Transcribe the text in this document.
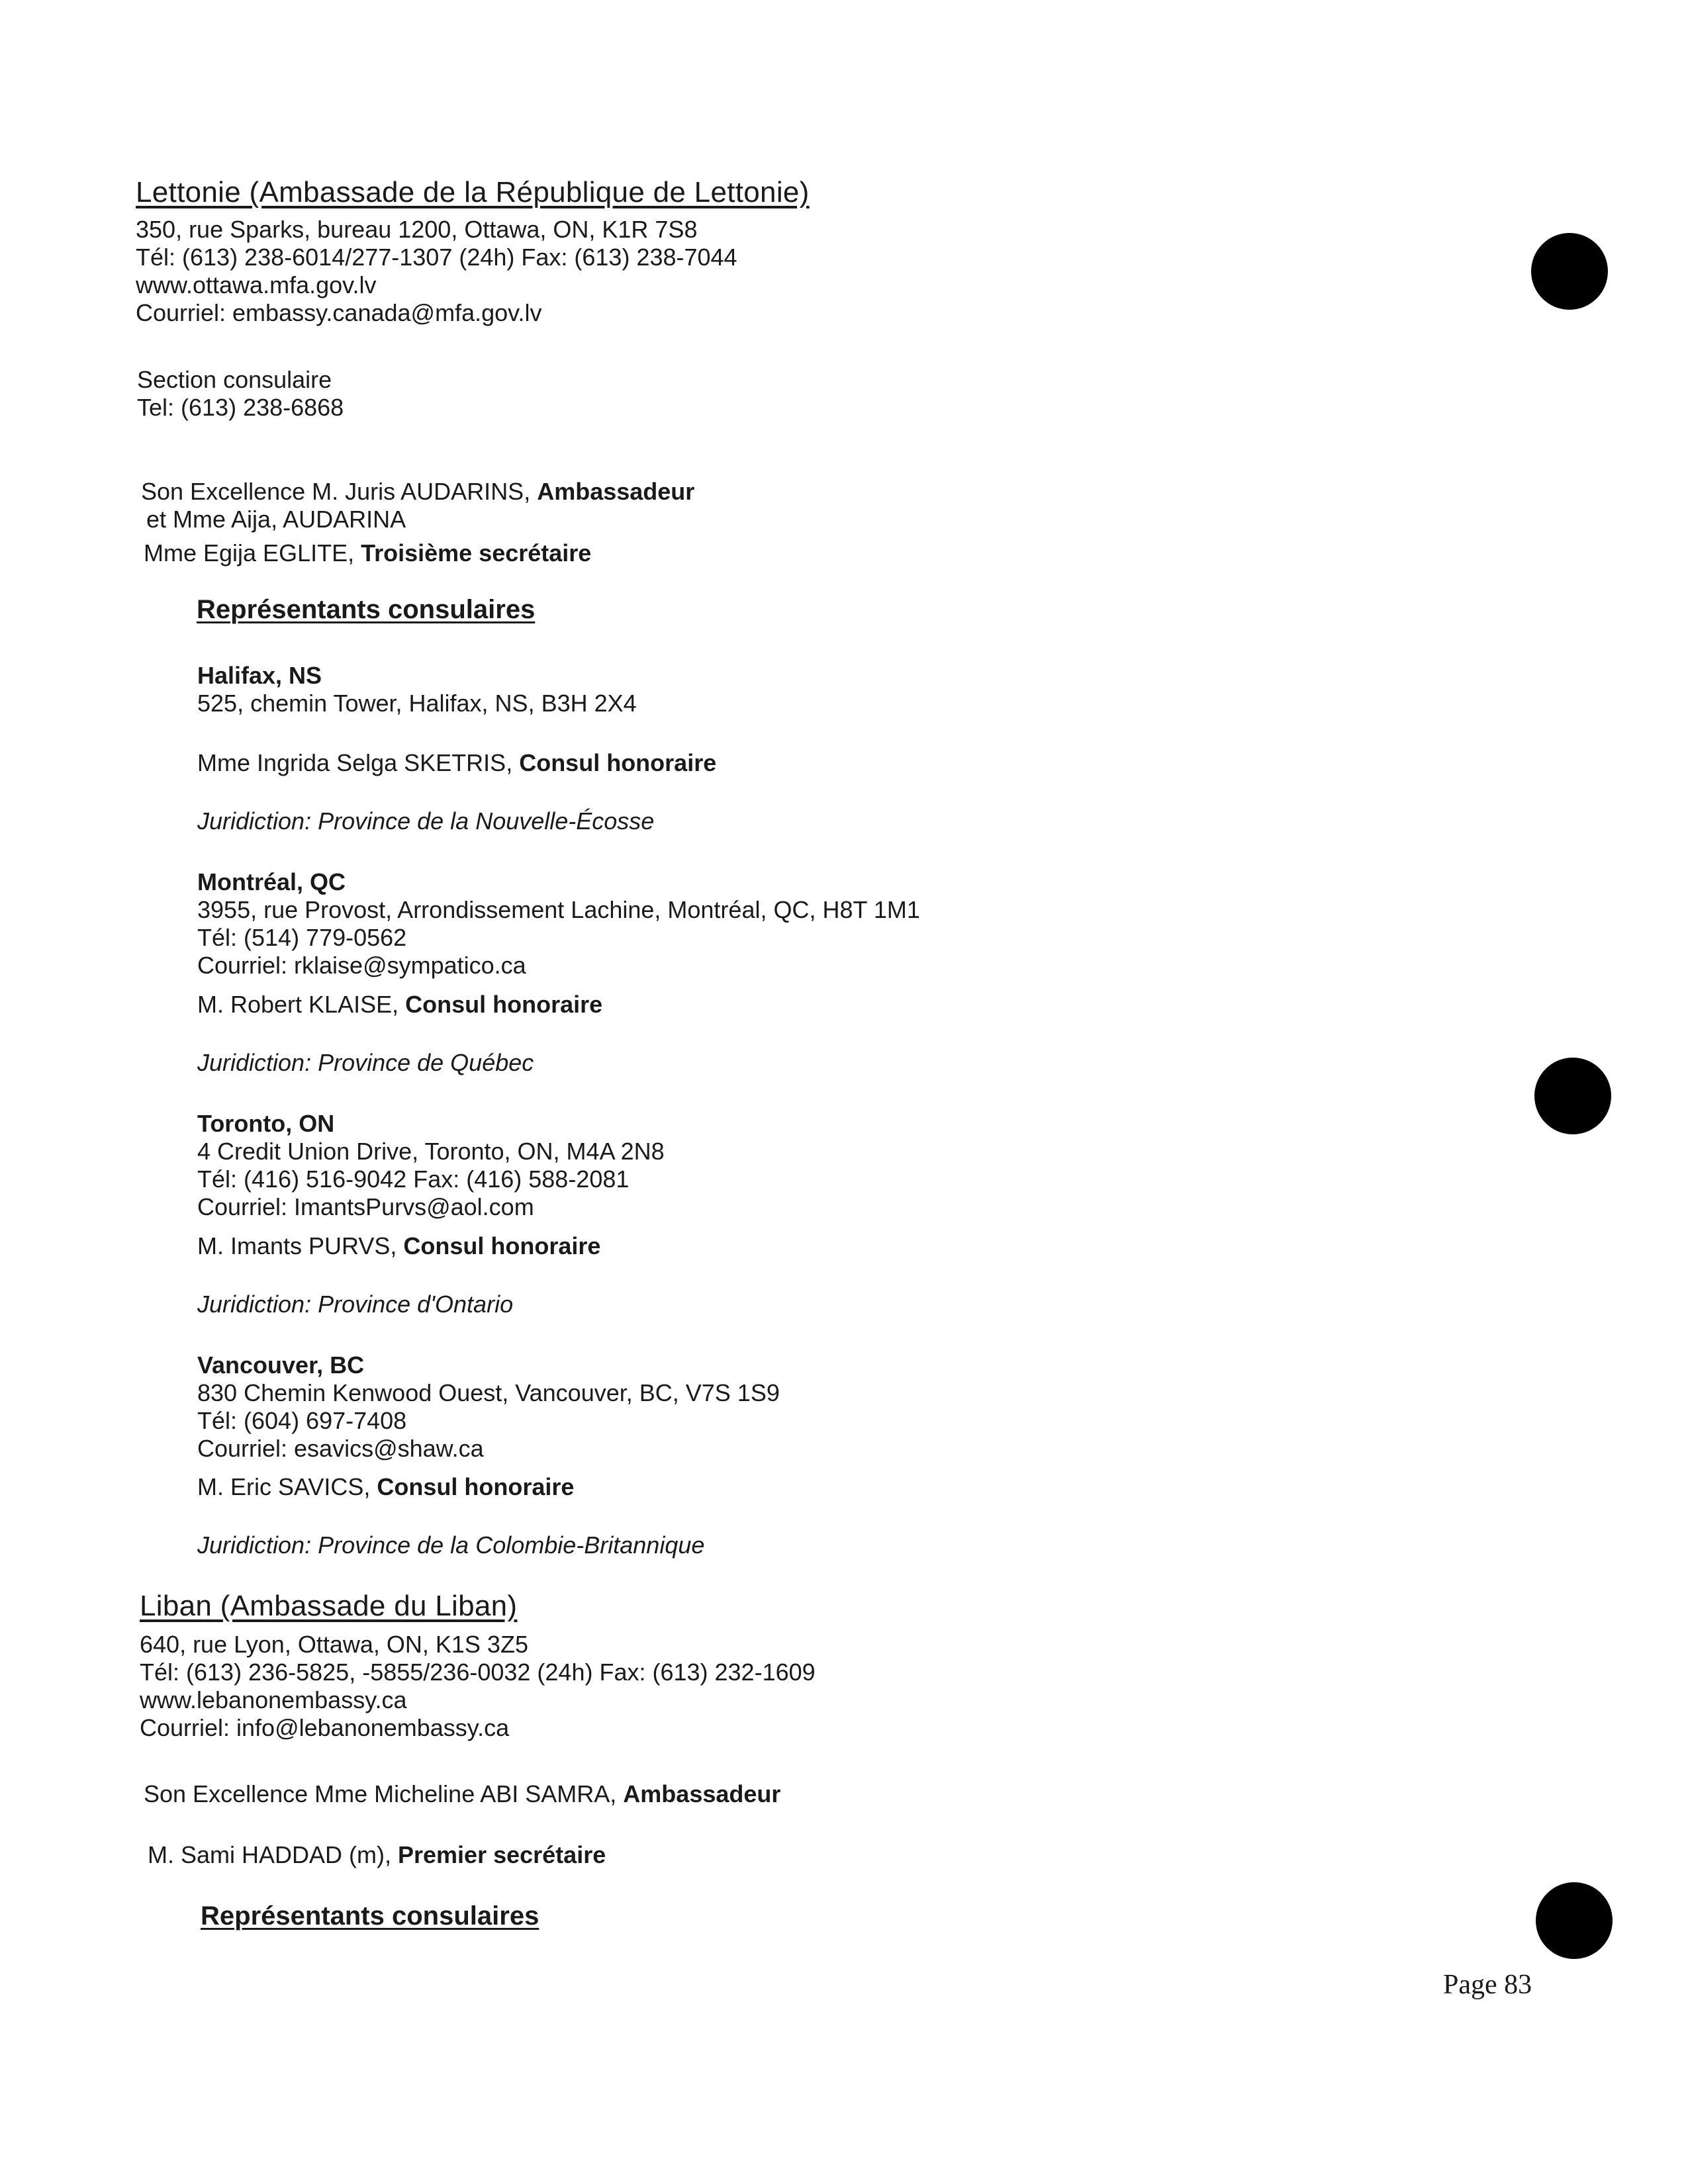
Lettonie (Ambassade de la République de Lettonie)
350, rue Sparks, bureau 1200, Ottawa, ON, K1R 7S8
Tél: (613) 238-6014/277-1307 (24h) Fax: (613) 238-7044
www.ottawa.mfa.gov.lv
Courriel: embassy.canada@mfa.gov.lv
Section consulaire
Tel: (613) 238-6868
Son Excellence M. Juris AUDARINS, Ambassadeur
et Mme Aija, AUDARINA
Mme Egija EGLITE, Troisième secrétaire
Représentants consulaires
Halifax, NS
525, chemin Tower, Halifax, NS, B3H 2X4
Mme Ingrida Selga SKETRIS, Consul honoraire
Juridiction: Province de la Nouvelle-Écosse
Montréal, QC
3955, rue Provost, Arrondissement Lachine, Montréal, QC, H8T 1M1
Tél: (514) 779-0562
Courriel: rklaise@sympatico.ca
M. Robert KLAISE, Consul honoraire
Juridiction: Province de Québec
Toronto, ON
4 Credit Union Drive, Toronto, ON, M4A 2N8
Tél: (416) 516-9042 Fax: (416) 588-2081
Courriel: ImantsPurvs@aol.com
M. Imants PURVS, Consul honoraire
Juridiction: Province d'Ontario
Vancouver, BC
830 Chemin Kenwood Ouest, Vancouver, BC, V7S 1S9
Tél: (604) 697-7408
Courriel: esavics@shaw.ca
M. Eric SAVICS, Consul honoraire
Juridiction: Province de la Colombie-Britannique
Liban (Ambassade du Liban)
640, rue Lyon, Ottawa, ON, K1S 3Z5
Tél: (613) 236-5825, -5855/236-0032 (24h) Fax: (613) 232-1609
www.lebanonembassy.ca
Courriel: info@lebanonembassy.ca
Son Excellence Mme Micheline ABI SAMRA, Ambassadeur
M. Sami HADDAD (m), Premier secrétaire
Représentants consulaires
Page 83
